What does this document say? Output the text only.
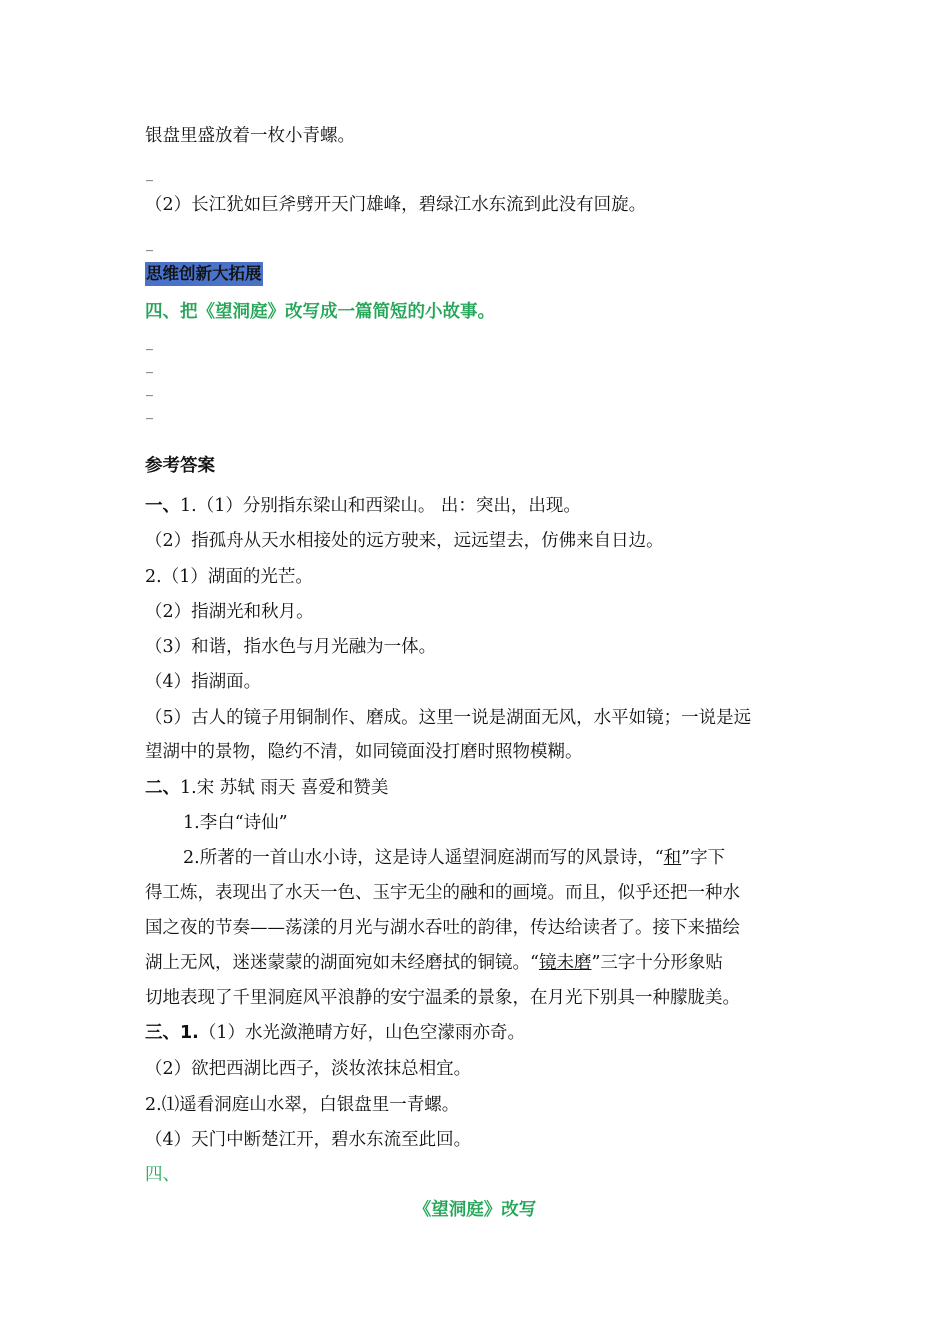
银盘里盛放着一枚小青螺。
_
（2）长江犹如巨斧劈开天门雄峰，碧绿江水东流到此没有回旋。
_
思维创新大拓展
四、把《望洞庭》改写成一篇简短的小故事。
_
_
_
_
参考答案
一、1.（1）分别指东梁山和西梁山。 出：突出，出现。
（2）指孤舟从天水相接处的远方驶来，远远望去，仿佛来自日边。
2.（1）湖面的光芒。
（2）指湖光和秋月。
（3）和谐，指水色与月光融为一体。
（4）指湖面。
（5）古人的镜子用铜制作、磨成。这里一说是湖面无风，水平如镜；一说是远
望湖中的景物，隐约不清，如同镜面没打磨时照物模糊。
二、1.宋 苏轼 雨天 喜爱和赞美
1.李白“诗仙”
2.所著的一首山水小诗，这是诗人遥望洞庭湖而写的风景诗，“和”字下
得工炼，表现出了水天一色、玉宇无尘的融和的画境。而且，似乎还把一种水
国之夜的节奏——荡漾的月光与湖水吞吐的韵律，传达给读者了。接下来描绘
湖上无风，迷迷蒙蒙的湖面宛如未经磨拭的铜镜。“镜未磨”三字十分形象贴
切地表现了千里洞庭风平浪静的安宁温柔的景象，在月光下别具一种朦胧美。
三、1.（1）水光潋滟晴方好，山色空濛雨亦奇。
（2）欲把西湖比西子，淡妆浓抹总相宜。
2.⑴遥看洞庭山水翠，白银盘里一青螺。
（4）天门中断楚江开，碧水东流至此回。
四、
《望洞庭》改写
